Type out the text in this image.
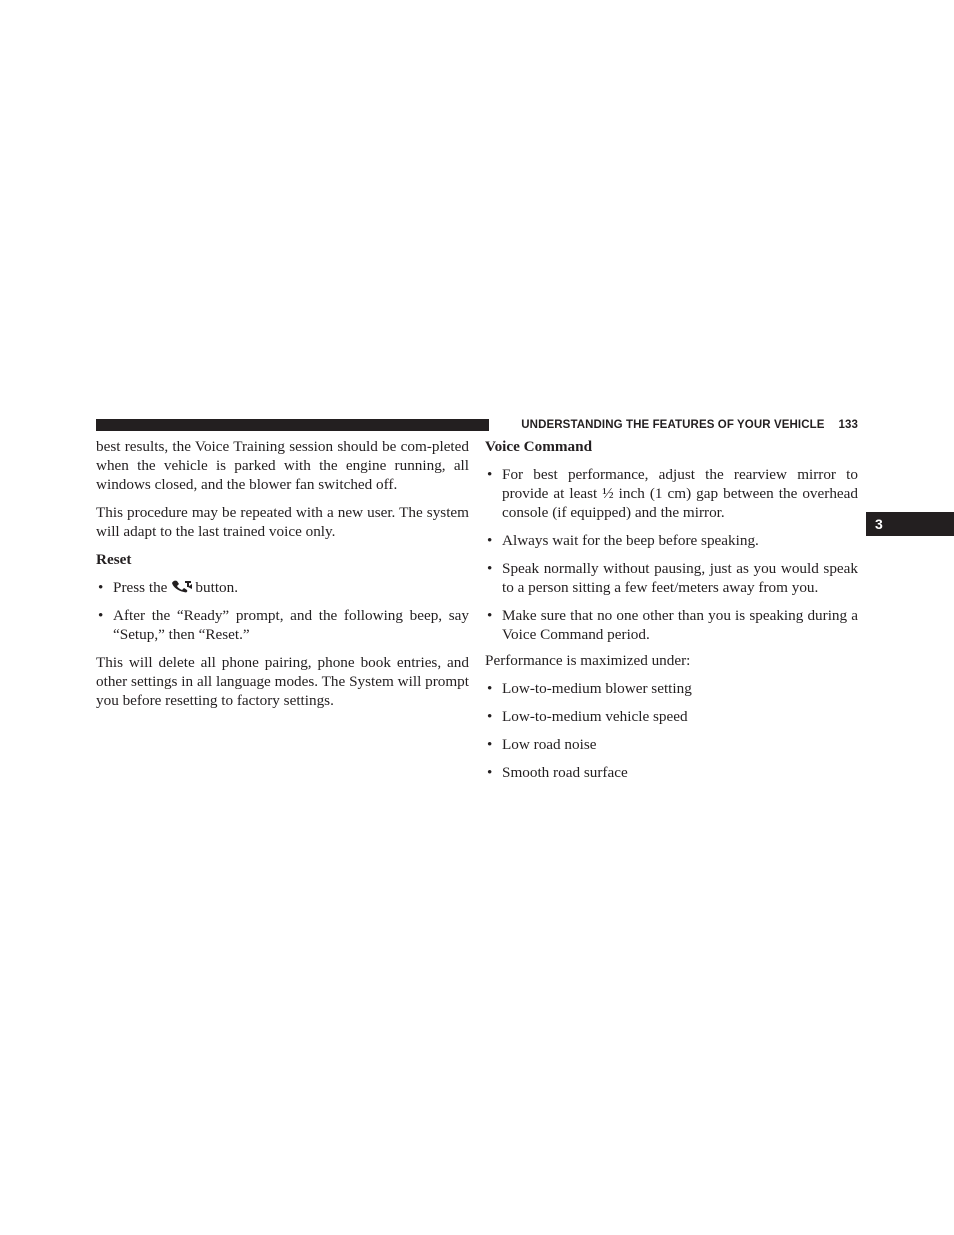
UNDERSTANDING THE FEATURES OF YOUR VEHICLE 133
3

best results, the Voice Training session should be com-pleted when the vehicle is parked with the engine running, all windows closed, and the blower fan switched off.

This procedure may be repeated with a new user. The system will adapt to the last trained voice only.

Reset
• Press the button.
• After the “Ready” prompt, and the following beep, say “Setup,” then “Reset.”

This will delete all phone pairing, phone book entries, and other settings in all language modes. The System will prompt you before resetting to factory settings.

Voice Command
• For best performance, adjust the rearview mirror to provide at least ½ inch (1 cm) gap between the overhead console (if equipped) and the mirror.
• Always wait for the beep before speaking.
• Speak normally without pausing, just as you would speak to a person sitting a few feet/meters away from you.
• Make sure that no one other than you is speaking during a Voice Command period.

Performance is maximized under:

• Low-to-medium blower setting
• Low-to-medium vehicle speed
• Low road noise
• Smooth road surface
